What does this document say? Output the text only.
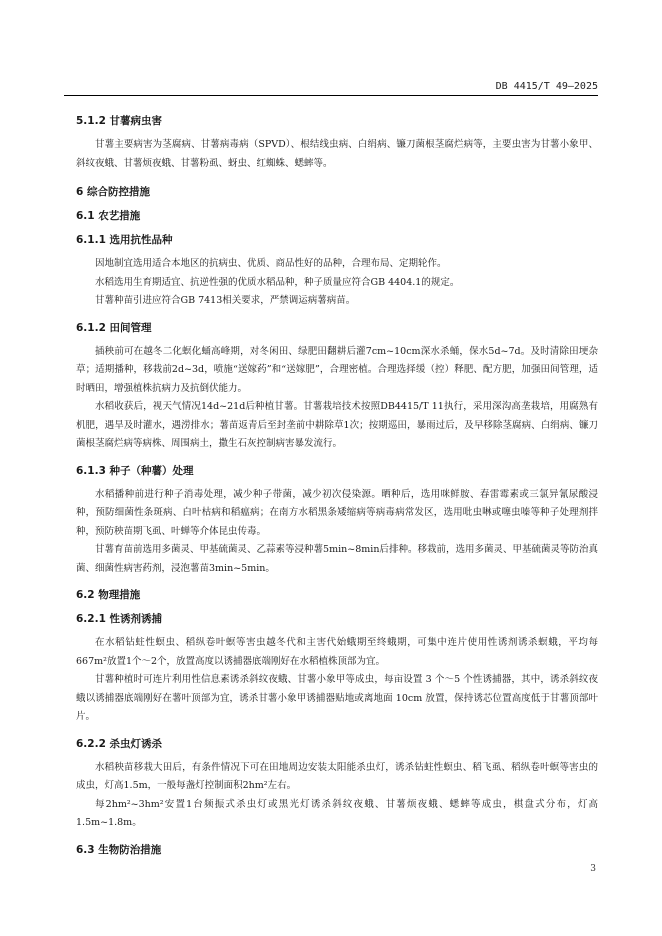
DB 4415/T 49—2025
5.1.2 甘薯病虫害
甘薯主要病害为茎腐病、甘薯病毒病（SPVD）、根结线虫病、白绢病、镰刀菌根茎腐烂病等，主要虫害为甘薯小象甲、斜纹夜蛾、甘薯烦夜蛾、甘薯粉虱、蚜虫、红蜘蛛、蟋蟀等。
6 综合防控措施
6.1 农艺措施
6.1.1 选用抗性品种
因地制宜选用适合本地区的抗病虫、优质、商品性好的品种，合理布局、定期轮作。
水稻选用生育期适宜、抗逆性强的优质水稻品种，种子质量应符合GB 4404.1的规定。
甘薯种苗引进应符合GB 7413相关要求，严禁调运病薯病苗。
6.1.2 田间管理
插秧前可在越冬二化螟化蛹高峰期，对冬闲田、绿肥田翻耕后灌7cm~10cm深水杀蛹，保水5d~7d。及时清除田埂杂草；适期播种，移栽前2d~3d，喷施“送嫁药”和“送嫁肥”，合理密植。合理选择缓（控）释肥、配方肥，加强田间管理，适时晒田，增强植株抗病力及抗倒伏能力。
水稻收获后，视天气情况14d~21d后种植甘薯。甘薯栽培技术按照DB4415/T 11执行，采用深沟高垄栽培，用腐熟有机肥，遇旱及时灌水，遇涝排水；薯苗返青后至封垄前中耕除草1次；按期巡田，暴雨过后，及早移除茎腐病、白绢病、镰刀菌根茎腐烂病等病株、周围病土，撒生石灰控制病害暴发流行。
6.1.3 种子（种薯）处理
水稻播种前进行种子消毒处理，减少种子带菌，减少初次侵染源。晒种后，选用咪鲜胺、春雷霉素或三氯异氰尿酸浸种，预防细菌性条斑病、白叶枯病和稻瘟病；在南方水稻黑条矮缩病等病毒病常发区，选用吡虫啉或噻虫嗪等种子处理剂拌种，预防秧苗期飞虱、叶蝉等介体昆虫传毒。
甘薯育苗前选用多菌灵、甲基硫菌灵、乙蒜素等浸种薯5min~8min后排种。移栽前，选用多菌灵、甲基硫菌灵等防治真菌、细菌性病害药剂，浸泡薯苗3min~5min。
6.2 物理措施
6.2.1 性诱剂诱捕
在水稻钻蛀性螟虫、稻纵卷叶螟等害虫越冬代和主害代始蛾期至终蛾期，可集中连片使用性诱剂诱杀螟蛾，平均每667m²放置1个～2个，放置高度以诱捕器底端刚好在水稻植株顶部为宜。
甘薯种植时可连片利用性信息素诱杀斜纹夜蛾、甘薯小象甲等成虫，每亩设置 3 个～5 个性诱捕器，其中，诱杀斜纹夜蛾以诱捕器底端刚好在薯叶顶部为宜，诱杀甘薯小象甲诱捕器贴地或离地面 10cm 放置，保持诱芯位置高度低于甘薯顶部叶片。
6.2.2 杀虫灯诱杀
水稻秧苗移栽大田后，有条件情况下可在田地周边安装太阳能杀虫灯，诱杀钻蛀性螟虫、稻飞虱、稻纵卷叶螟等害虫的成虫，灯高1.5m，一般每盏灯控制面积2hm²左右。
每2hm²~3hm²安置1台频振式杀虫灯或黑光灯诱杀斜纹夜蛾、甘薯烦夜蛾、蟋蟀等成虫，棋盘式分布，灯高1.5m~1.8m。
6.3 生物防治措施
3
